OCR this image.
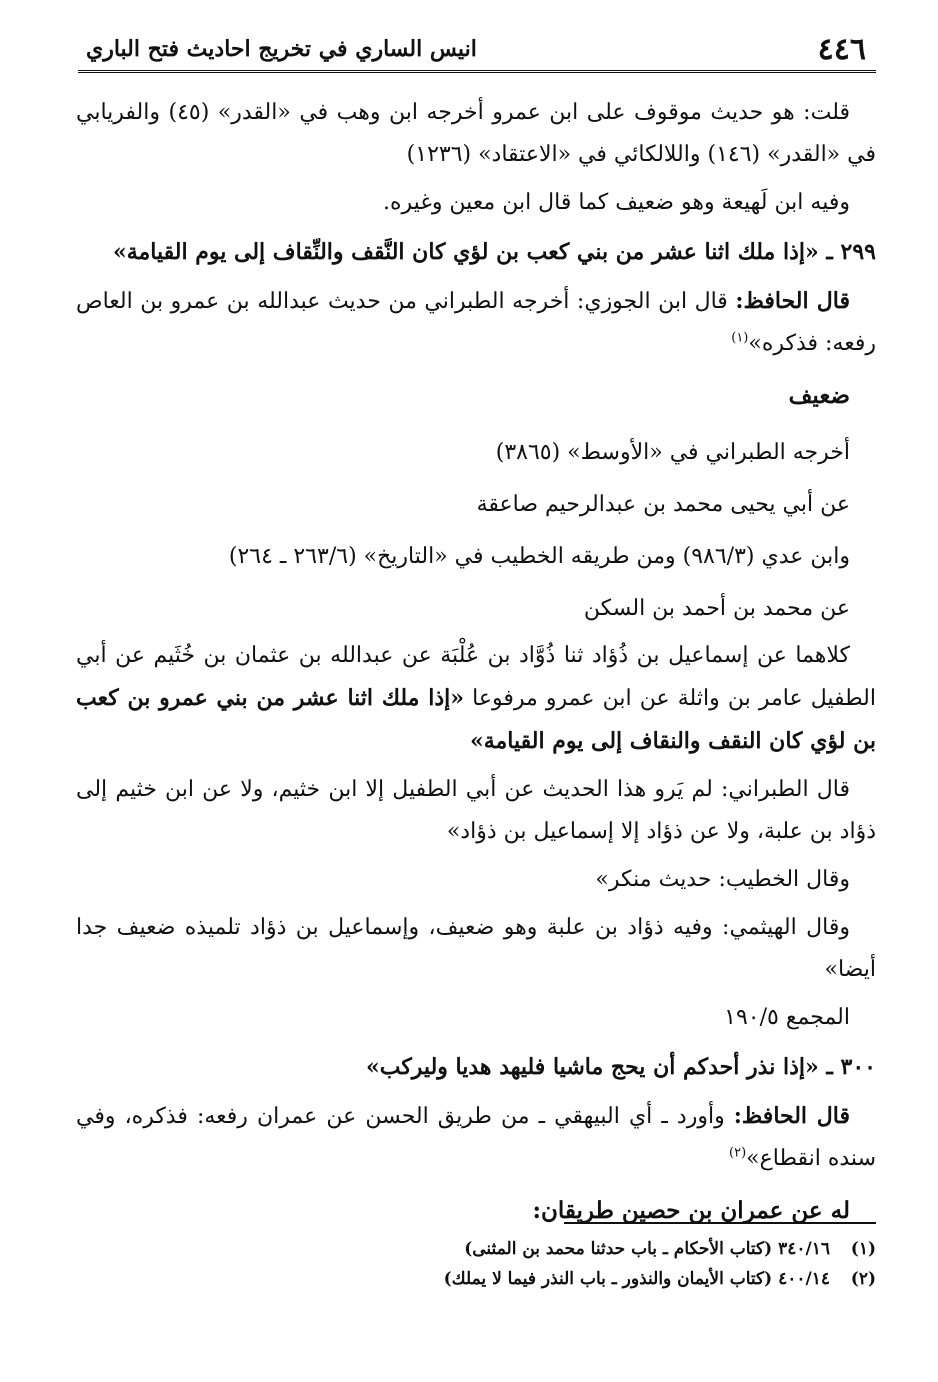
٤٤٦
انيس الساري في تخريج احاديث فتح الباري

قلت: هو حديث موقوف على ابن عمرو أخرجه ابن وهب في «القدر» (٤٥) والفريابي في «القدر» (١٤٦) واللالكائي في «الاعتقاد» (١٢٣٦)

وفيه ابن لَهيعة وهو ضعيف كما قال ابن معين وغيره.

٢٩٩ ـ «إذا ملك اثنا عشر من بني كعب بن لؤي كان النَّقف والنِّقاف إلى يوم القيامة»

قال الحافظ: قال ابن الجوزي: أخرجه الطبراني من حديث عبدالله بن عمرو بن العاص رفعه: فذكره»$^{(١)}$

ضعيف

أخرجه الطبراني في «الأوسط» (٣٨٦٥)

عن أبي يحيى محمد بن عبدالرحيم صاعقة

وابن عدي (٩٨٦/٣) ومن طريقه الخطيب في «التاريخ» (٢٦٣/٦ ـ ٢٦٤)

عن محمد بن أحمد بن السكن

كلاهما عن إسماعيل بن ذُؤاد ثنا ذُوَّاد بن عُلْبَة عن عبدالله بن عثمان بن خُثَيم عن أبي الطفيل عامر بن واثلة عن ابن عمرو مرفوعا «إذا ملك اثنا عشر من بني عمرو بن كعب بن لؤي كان النقف والنقاف إلى يوم القيامة»

قال الطبراني: لم يَرو هذا الحديث عن أبي الطفيل إلا ابن خثيم، ولا عن ابن خثيم إلى ذؤاد بن علبة، ولا عن ذؤاد إلا إسماعيل بن ذؤاد»

وقال الخطيب: حديث منكر»

وقال الهيثمي: وفيه ذؤاد بن علبة وهو ضعيف، وإسماعيل بن ذؤاد تلميذه ضعيف جدا أيضا»

المجمع ١٩٠/٥

٣٠٠ ـ «إذا نذر أحدكم أن يحج ماشيا فليهد هديا وليركب»

قال الحافظ: وأورد ـ أي البيهقي ـ من طريق الحسن عن عمران رفعه: فذكره، وفي سنده انقطاع»$^{(٢)}$

له عن عمران بن حصين طريقان:

(١)٣٤٠/١٦ (كتاب الأحكام ـ باب حدثنا محمد بن المثنى)

(٢)٤٠٠/١٤ (كتاب الأيمان والنذور ـ باب النذر فيما لا يملك)
